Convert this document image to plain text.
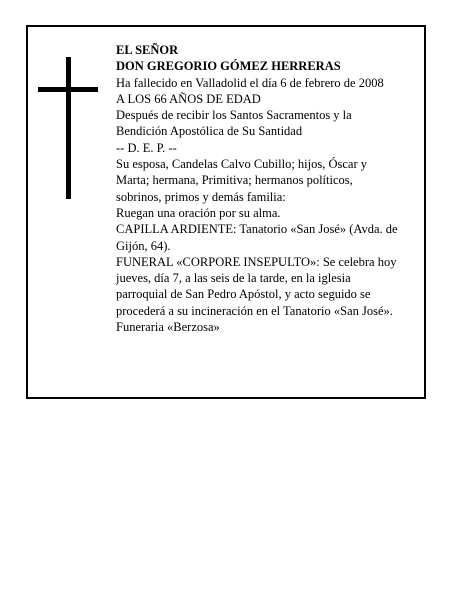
EL SEÑOR
DON GREGORIO GÓMEZ HERRERAS
Ha fallecido en Valladolid el día 6 de febrero de 2008
A LOS 66 AÑOS DE EDAD
Después de recibir los Santos Sacramentos y la
Bendición Apostólica de Su Santidad
-- D. E. P. --
Su esposa, Candelas Calvo Cubillo; hijos, Óscar y
Marta; hermana, Primitiva; hermanos políticos,
sobrinos, primos y demás familia:
Ruegan una oración por su alma.
CAPILLA ARDIENTE: Tanatorio «San José» (Avda. de
Gijón, 64).
FUNERAL «CORPORE INSEPULTO»: Se celebra hoy
jueves, día 7, a las seis de la tarde, en la iglesia
parroquial de San Pedro Apóstol, y acto seguido se
procederá a su incineración en el Tanatorio «San José».
Funeraria «Berzosa»
